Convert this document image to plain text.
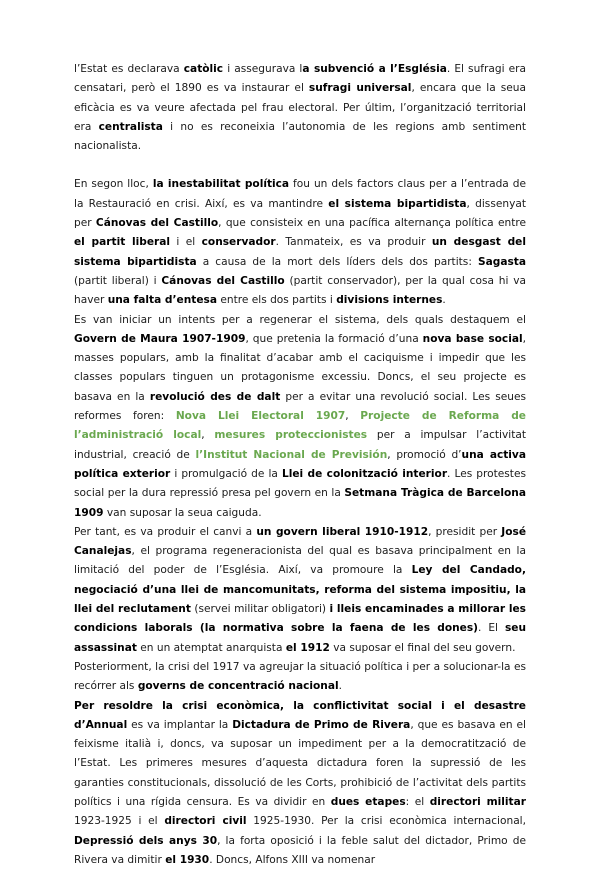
l’Estat es declarava catòlic i assegurava la subvenció a l’Església. El sufragi era censatari, però el 1890 es va instaurar el sufragi universal, encara que la seua eficàcia es va veure afectada pel frau electoral. Per últim, l’organització territorial era centralista i no es reconeixia l’autonomia de les regions amb sentiment nacionalista.

En segon lloc, la inestabilitat política fou un dels factors claus per a l’entrada de la Restauració en crisi. Així, es va mantindre el sistema bipartidista, dissenyat per Cánovas del Castillo, que consisteix en una pacífica alternança política entre el partit liberal i el conservador. Tanmateix, es va produir un desgast del sistema bipartidista a causa de la mort dels líders dels dos partits: Sagasta (partit liberal) i Cánovas del Castillo (partit conservador), per la qual cosa hi va haver una falta d’entesa entre els dos partits i divisions internes.

Es van iniciar un intents per a regenerar el sistema, dels quals destaquem el Govern de Maura 1907-1909, que pretenia la formació d’una nova base social, masses populars, amb la finalitat d’acabar amb el caciquisme i impedir que les classes populars tinguen un protagonisme excessiu. Doncs, el seu projecte es basava en la revolució des de dalt per a evitar una revolució social. Les seues reformes foren: Nova Llei Electoral 1907, Projecte de Reforma de l’administració local, mesures proteccionistes per a impulsar l’activitat industrial, creació de l’Institut Nacional de Previsión, promoció d’una activa política exterior i promulgació de la Llei de colonització interior. Les protestes social per la dura repressió presa pel govern en la Setmana Tràgica de Barcelona 1909 van suposar la seua caiguda.

Per tant, es va produir el canvi a un govern liberal 1910-1912, presidit per José Canalejas, el programa regeneracionista del qual es basava principalment en la limitació del poder de l’Església. Així, va promoure la Ley del Candado, negociació d’una llei de mancomunitats, reforma del sistema impositiu, la llei del reclutament (servei militar obligatori) i lleis encaminades a millorar les condicions laborals (la normativa sobre la faena de les dones). El seu assassinat en un atemptat anarquista el 1912 va suposar el final del seu govern.

Posteriorment, la crisi del 1917 va agreujar la situació política i per a solucionar-la es recórrer als governs de concentració nacional.

Per resoldre la crisi econòmica, la conflictivitat social i el desastre d’Annual es va implantar la Dictadura de Primo de Rivera, que es basava en el feixisme italià i, doncs, va suposar un impediment per a la democratització de l’Estat. Les primeres mesures d’aquesta dictadura foren la supressió de les garanties constitucionals, dissolució de les Corts, prohibició de l’activitat dels partits polítics i una rígida censura. Es va dividir en dues etapes: el directori militar 1923-1925 i el directori civil 1925-1930. Per la crisi econòmica internacional, Depressió dels anys 30, la forta oposició i la feble salut del dictador, Primo de Rivera va dimitir el 1930. Doncs, Alfons XIII va nomenar
